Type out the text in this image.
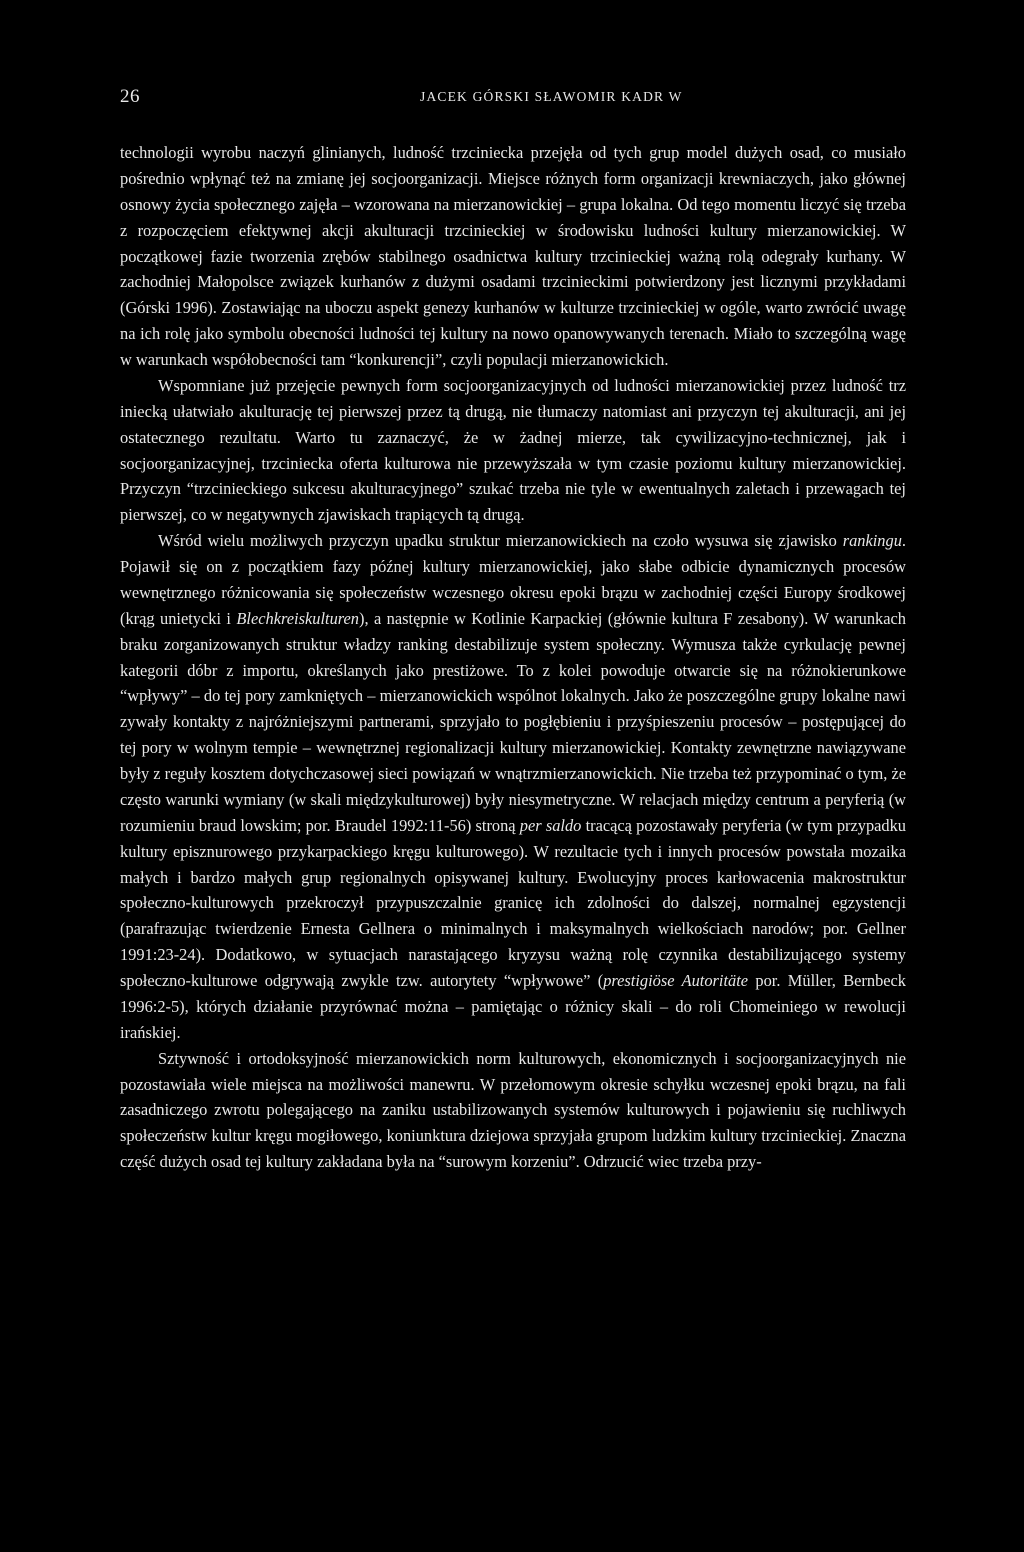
26	JACEK GÓRSKI SŁAWOMIR KADR W

technologii wyrobu naczyń glinianych, ludność trzciniecka przejęła od tych grup model dużych osad, co musiało pośrednio wpłynąć też na zmianę jej socjoorganizacji. Miejsce różnych form organizacji krewniaczych, jako głównej osnowy życia społecznego zajęła – wzorowana na mierzanowickiej – grupa lokalna. Od tego momentu liczyć się trzeba z rozpoczęciem efektywnej akcji akulturacji trzcinieckiej w środowisku ludności kultury mierzanowickiej. W początkowej fazie tworzenia zrębów stabilnego osadnictwa kultury trzcinieckiej ważną rolą odegrały kurhany. W zachodniej Małopolsce związek kurhanów z dużymi osadami trzcinieckimi potwierdzony jest licznymi przykładami (Górski 1996). Zostawiając na uboczu aspekt genezy kurhanów w kulturze trzcinieckiej w ogóle, warto zwrócić uwagę na ich rolę jako symbolu obecności ludności tej kultury na nowo opanowywanych terenach. Miało to szczególną wagę w warunkach współobecności tam “konkurencji”, czyli populacji mierzanowickich.

Wspomniane już przejęcie pewnych form socjoorganizacyjnych od ludności mierzanowickiej przez ludność trz iniecką ułatwiało akulturację tej pierwszej przez tą drugą, nie tłumaczy natomiast ani przyczyn tej akulturacji, ani jej ostatecznego rezultatu. Warto tu zaznaczyć, że w żadnej mierze, tak cywilizacyjno-technicznej, jak i socjoorganizacyjnej, trzciniecka oferta kulturowa nie przewyższała w tym czasie poziomu kultury mierzanowickiej. Przyczyn “trzcinieckiego sukcesu akulturacyjnego” szukać trzeba nie tyle w ewentualnych zaletach i przewagach tej pierwszej, co w negatywnych zjawiskach trapiących tą drugą.

Wśród wielu możliwych przyczyn upadku struktur mierzanowickiech na czoło wysuwa się zjawisko rankingu. Pojawił się on z początkiem fazy późnej kultury mierzanowickiej, jako słabe odbicie dynamicznych procesów wewnętrznego różnicowania się społeczeństw wczesnego okresu epoki brązu w zachodniej części Europy środkowej (krąg unietycki i Blechkreiskulturen), a następnie w Kotlinie Karpackiej (głównie kultura F zesabony). W warunkach braku zorganizowanych struktur władzy ranking destabilizuje system społeczny. Wymusza także cyrkulację pewnej kategorii dóbr z importu, określanych jako prestiżowe. To z kolei powoduje otwarcie się na różnokierunkowe “wpływy” – do tej pory zamkniętych – mierzanowickich wspólnot lokalnych. Jako że poszczególne grupy lokalne nawi zywały kontakty z najróżniejszymi partnerami, sprzyjało to pogłębieniu i przyśpieszeniu procesów – postępującej do tej pory w wolnym tempie – wewnętrznej regionalizacji kultury mierzanowickiej. Kontakty zewnętrzne nawiązywane były z reguły kosztem dotychczasowej sieci powiązań w wnątrzmierzanowickich. Nie trzeba też przypominać o tym, że często warunki wymiany (w skali międzykulturowej) były niesymetryczne. W relacjach między centrum a peryferią (w rozumieniu braud lowskim; por. Braudel 1992:11-56) stroną per saldo tracącą pozostawały peryferia (w tym przypadku kultury episznurowego przykarpackiego kręgu kulturowego). W rezultacie tych i innych procesów powstała mozaika małych i bardzo małych grup regionalnych opisywanej kultury. Ewolucyjny proces karłowacenia makrostruktur społeczno-kulturowych przekroczył przypuszczalnie granicę ich zdolności do dalszej, normalnej egzystencji (parafrazując twierdzenie Ernesta Gellnera o minimalnych i maksymalnych wielkościach narodów; por. Gellner 1991:23-24). Dodatkowo, w sytuacjach narastającego kryzysu ważną rolę czynnika destabilizującego systemy społeczno-kulturowe odgrywają zwykle tzw. autorytety “wpływowe” (prestigiöse Autoritäte por. Müller, Bernbeck 1996:2-5), których działanie przyrównać można – pamiętając o różnicy skali – do roli Chomeiniego w rewolucji irańskiej.

Sztywność i ortodoksyjność mierzanowickich norm kulturowych, ekonomicznych i socjoorganizacyjnych nie pozostawiała wiele miejsca na możliwości manewru. W przełomowym okresie schyłku wczesnej epoki brązu, na fali zasadniczego zwrotu polegającego na zaniku ustabilizowanych systemów kulturowych i pojawieniu się ruchliwych społeczeństw kultur kręgu mogiłowego, koniunktura dziejowa sprzyjała grupom ludzkim kultury trzcinieckiej. Znaczna część dużych osad tej kultury zakładana była na “surowym korzeniu”. Odrzucić wiec trzeba przy-
